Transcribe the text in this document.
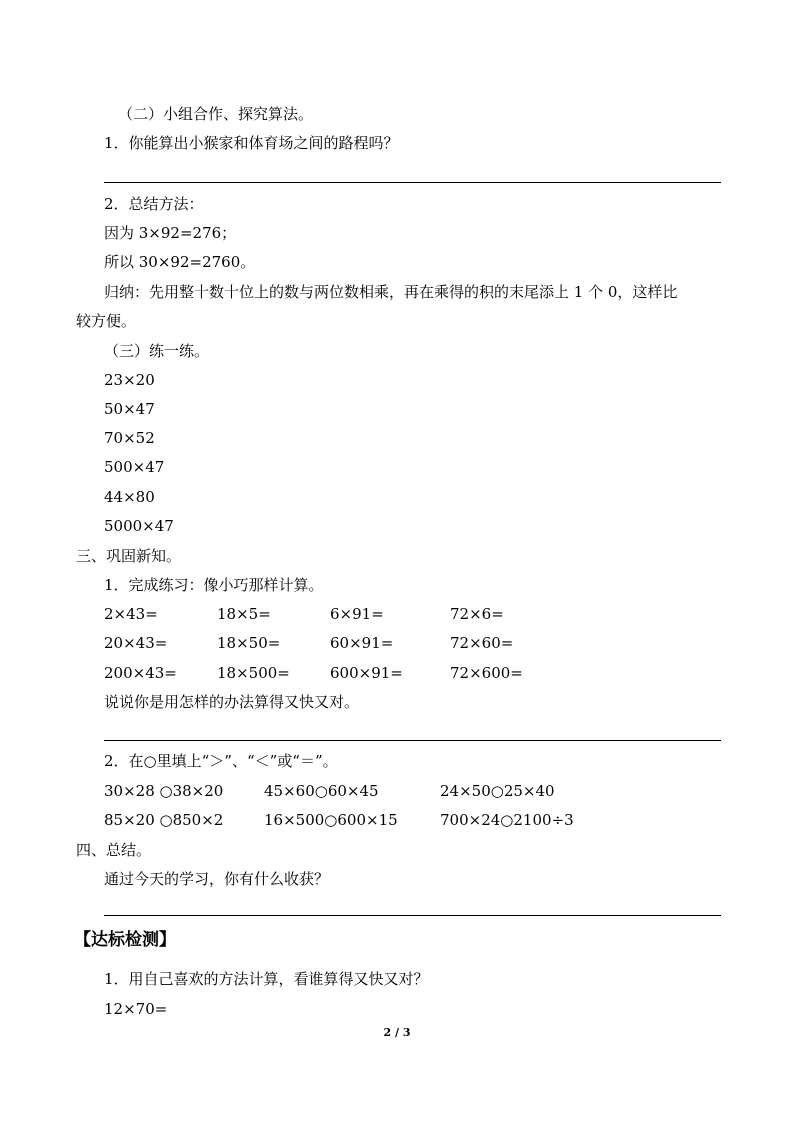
（二）小组合作、探究算法。
1．你能算出小猴家和体育场之间的路程吗？
2．总结方法：
因为 3×92=276；
所以 30×92=2760。
归纳：先用整十数十位上的数与两位数相乘，再在乘得的积的末尾添上 1 个 0，这样比
较方便。
（三）练一练。
23×20
50×47
70×52
500×47
44×80
5000×47
三、巩固新知。
1．完成练习：像小巧那样计算。
2×43=	18×5=	6×91=	72×6=
20×43=	18×50=	60×91=	72×60=
200×43=	18×500=	600×91=	72×600=
说说你是用怎样的办法算得又快又对。
2．在○里填上“＞”、“＜”或“＝”。
30×28 ○38×20	45×60○60×45	24×50○25×40
85×20 ○850×2	16×500○600×15	700×24○2100÷3
四、总结。
通过今天的学习，你有什么收获？
【达标检测】
1．用自己喜欢的方法计算，看谁算得又快又对？
12×70=
2 / 3
